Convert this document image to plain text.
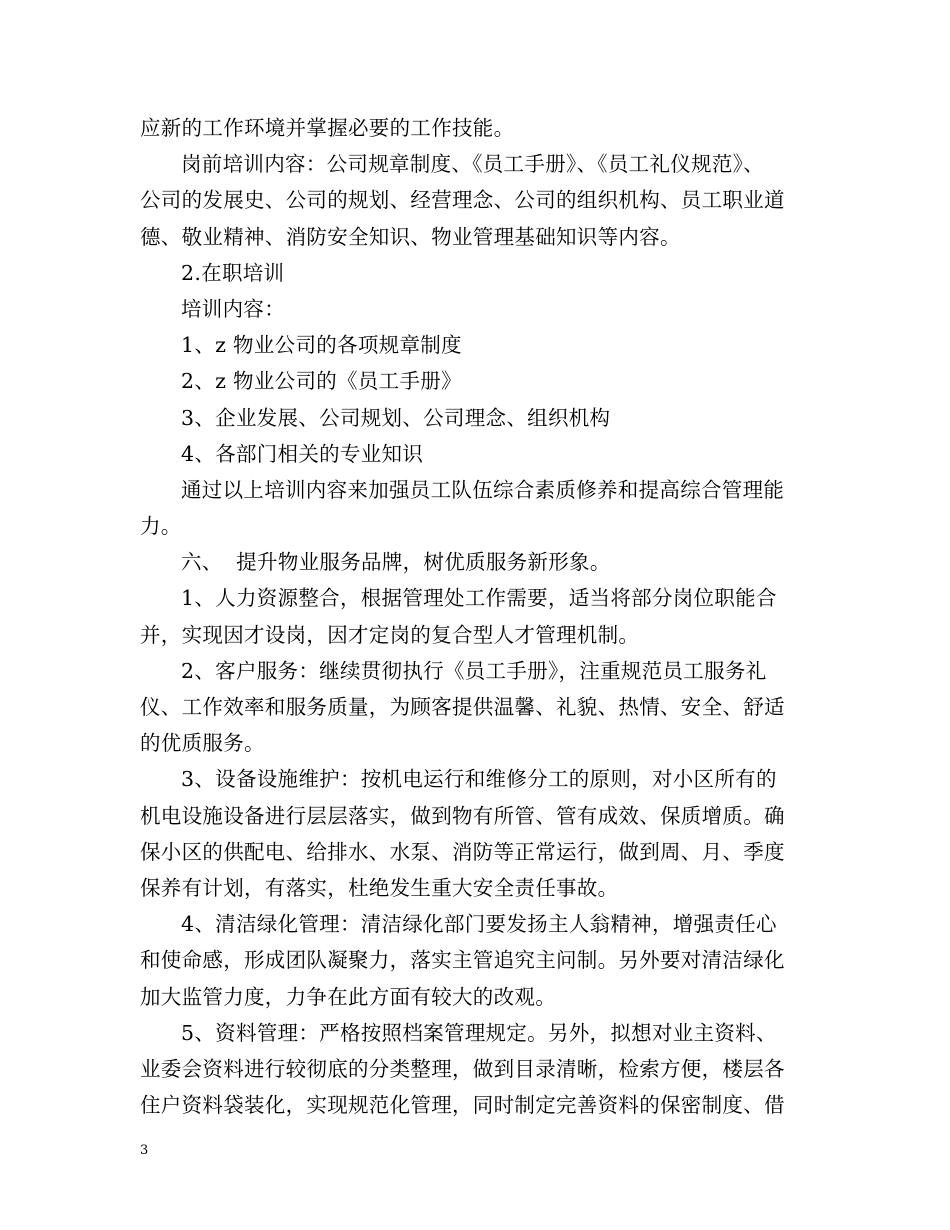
应新的工作环境并掌握必要的工作技能。
岗前培训内容：公司规章制度、《员工手册》、《员工礼仪规范》、
公司的发展史、公司的规划、经营理念、公司的组织机构、员工职业道
德、敬业精神、消防安全知识、物业管理基础知识等内容。
2.在职培训
培训内容：
1、z 物业公司的各项规章制度
2、z 物业公司的《员工手册》
3、企业发展、公司规划、公司理念、组织机构
4、各部门相关的专业知识
通过以上培训内容来加强员工队伍综合素质修养和提高综合管理能
力。
六、  提升物业服务品牌，树优质服务新形象。
1、人力资源整合，根据管理处工作需要，适当将部分岗位职能合
并，实现因才设岗，因才定岗的复合型人才管理机制。
2、客户服务：继续贯彻执行《员工手册》，注重规范员工服务礼
仪、工作效率和服务质量，为顾客提供温馨、礼貌、热情、安全、舒适
的优质服务。
3、设备设施维护：按机电运行和维修分工的原则，对小区所有的
机电设施设备进行层层落实，做到物有所管、管有成效、保质增质。确
保小区的供配电、给排水、水泵、消防等正常运行，做到周、月、季度
保养有计划，有落实，杜绝发生重大安全责任事故。
4、清洁绿化管理：清洁绿化部门要发扬主人翁精神，增强责任心
和使命感，形成团队凝聚力，落实主管追究主问制。另外要对清洁绿化
加大监管力度，力争在此方面有较大的改观。
5、资料管理：严格按照档案管理规定。另外，拟想对业主资料、
业委会资料进行较彻底的分类整理，做到目录清晰，检索方便，楼层各
住户资料袋装化，实现规范化管理，同时制定完善资料的保密制度、借
3
